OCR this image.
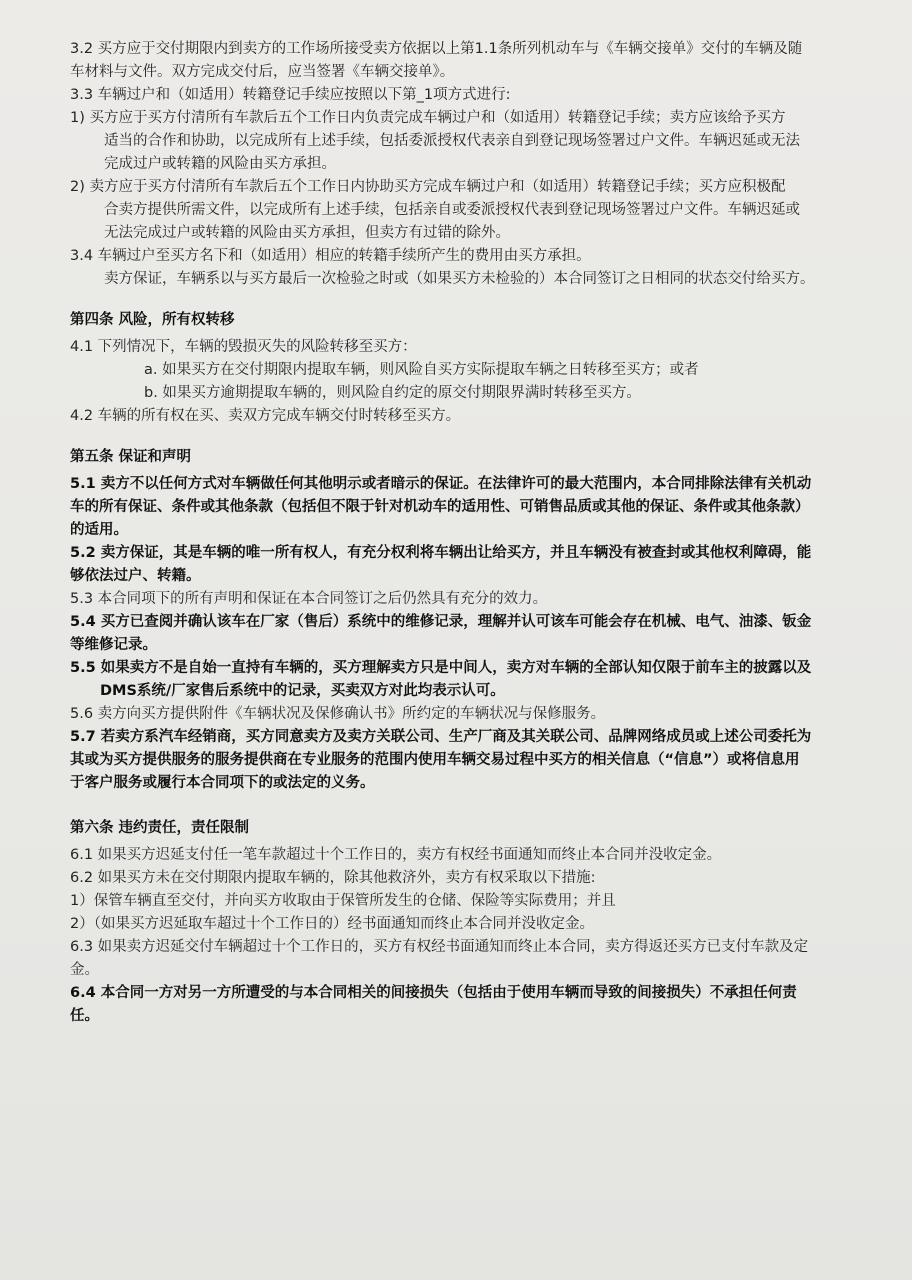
3.2 买方应于交付期限内到卖方的工作场所接受卖方依据以上第1.1条所列机动车与《车辆交接单》交付的车辆及随
车材料与文件。双方完成交付后，应当签署《车辆交接单》。
3.3 车辆过户和（如适用）转籍登记手续应按照以下第_1项方式进行:
1) 买方应于买方付清所有车款后五个工作日内负责完成车辆过户和（如适用）转籍登记手续；卖方应该给予买方
适当的合作和协助，以完成所有上述手续，包括委派授权代表亲自到登记现场签署过户文件。车辆迟延或无法
完成过户或转籍的风险由买方承担。
2) 卖方应于买方付清所有车款后五个工作日内协助买方完成车辆过户和（如适用）转籍登记手续；买方应积极配
合卖方提供所需文件，以完成所有上述手续，包括亲自或委派授权代表到登记现场签署过户文件。车辆迟延或
无法完成过户或转籍的风险由买方承担，但卖方有过错的除外。
3.4 车辆过户至买方名下和（如适用）相应的转籍手续所产生的费用由买方承担。
卖方保证，车辆系以与买方最后一次检验之时或（如果买方未检验的）本合同签订之日相同的状态交付给买方。
第四条 风险，所有权转移
4.1 下列情况下，车辆的毁损灭失的风险转移至买方：
a. 如果买方在交付期限内提取车辆，则风险自买方实际提取车辆之日转移至买方；或者
b. 如果买方逾期提取车辆的，则风险自约定的原交付期限界满时转移至买方。
4.2 车辆的所有权在买、卖双方完成车辆交付时转移至买方。
第五条 保证和声明
5.1 卖方不以任何方式对车辆做任何其他明示或者暗示的保证。在法律许可的最大范围内，本合同排除法律有关机动
车的所有保证、条件或其他条款（包括但不限于针对机动车的适用性、可销售品质或其他的保证、条件或其他条款）
的适用。
5.2 卖方保证，其是车辆的唯一所有权人，有充分权利将车辆出让给买方，并且车辆没有被查封或其他权利障碍，能
够依法过户、转籍。
5.3 本合同项下的所有声明和保证在本合同签订之后仍然具有充分的效力。
5.4 买方已查阅并确认该车在厂家（售后）系统中的维修记录，理解并认可该车可能会存在机械、电气、油漆、钣金
等维修记录。
5.5 如果卖方不是自始一直持有车辆的，买方理解卖方只是中间人，卖方对车辆的全部认知仅限于前车主的披露以及
DMS系统/厂家售后系统中的记录，买卖双方对此均表示认可。
5.6 卖方向买方提供附件《车辆状况及保修确认书》所约定的车辆状况与保修服务。
5.7 若卖方系汽车经销商，买方同意卖方及卖方关联公司、生产厂商及其关联公司、品牌网络成员或上述公司委托为
其或为买方提供服务的服务提供商在专业服务的范围内使用车辆交易过程中买方的相关信息（“信息”）或将信息用
于客户服务或履行本合同项下的或法定的义务。
第六条 违约责任，责任限制
6.1 如果买方迟延支付任一笔车款超过十个工作日的，卖方有权经书面通知而终止本合同并没收定金。
6.2 如果买方未在交付期限内提取车辆的，除其他救济外，卖方有权采取以下措施:
1）保管车辆直至交付，并向买方收取由于保管所发生的仓储、保险等实际费用；并且
2）（如果买方迟延取车超过十个工作日的）经书面通知而终止本合同并没收定金。
6.3 如果卖方迟延交付车辆超过十个工作日的，买方有权经书面通知而终止本合同，卖方得返还买方已支付车款及定
金。
6.4 本合同一方对另一方所遭受的与本合同相关的间接损失（包括由于使用车辆而导致的间接损失）不承担任何责
任。
